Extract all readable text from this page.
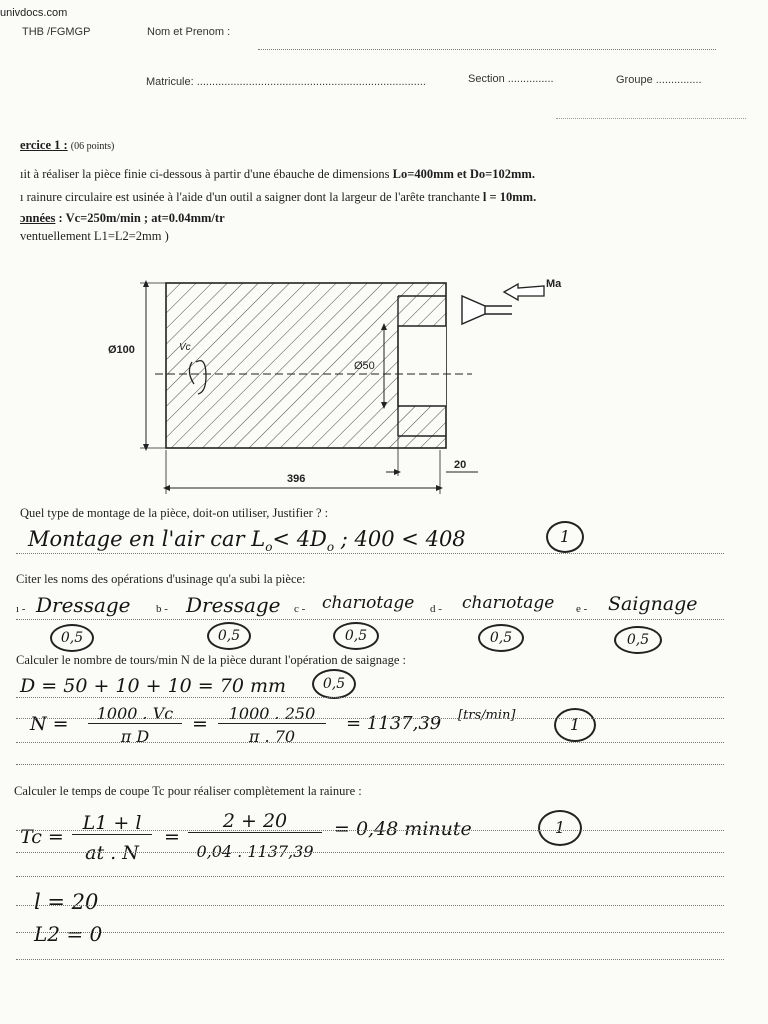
univdocs.com
THB /FGMGP	Nom et Prenom :
Matricule: ...........................................................................	Section ...............	Groupe ...............
ercice 1 : (06 points)
ıit à réaliser la pièce finie ci-dessous à partir d'une ébauche de dimensions Lo=400mm et Do=102mm.
ı rainure circulaire est usinée à l'aide d'un outil a saigner dont la largeur de l'arête tranchante l = 10mm.
ɔnnées : Vc=250m/min ; at=0.04mm/tr
ventuellement L1=L2=2mm )
Ø100
Ø50
Vc
Ma
396
20
Quel type de montage de la pièce, doit-on utiliser, Justifier ? :
Montage en l'air car $L_o< 4D_o$ ; 400 < 408	1
Citer les noms des opérations d'usinage qu'a subi la pièce:
ı - Dressage b - Dressage c - charıotage d - charıotage e - Saignage
0,5	0,5	0,5	0,5	0,5
Calculer le nombre de tours/min N de la pièce durant l'opération de saignage :
D = 50 + 10 + 10 = 70 mm	0,5
N =	1000 . Vc
π D
=	1000 . 250
π . 70
= 1137,39 [trs/min]	1
Calculer le temps de coupe Tc pour réaliser complètement la rainure :
Tc =
L1 + l
at . N
=
2 + 20
0,04 . 1137,39
= 0,48 minute	1
l = 20
L2 = 0
